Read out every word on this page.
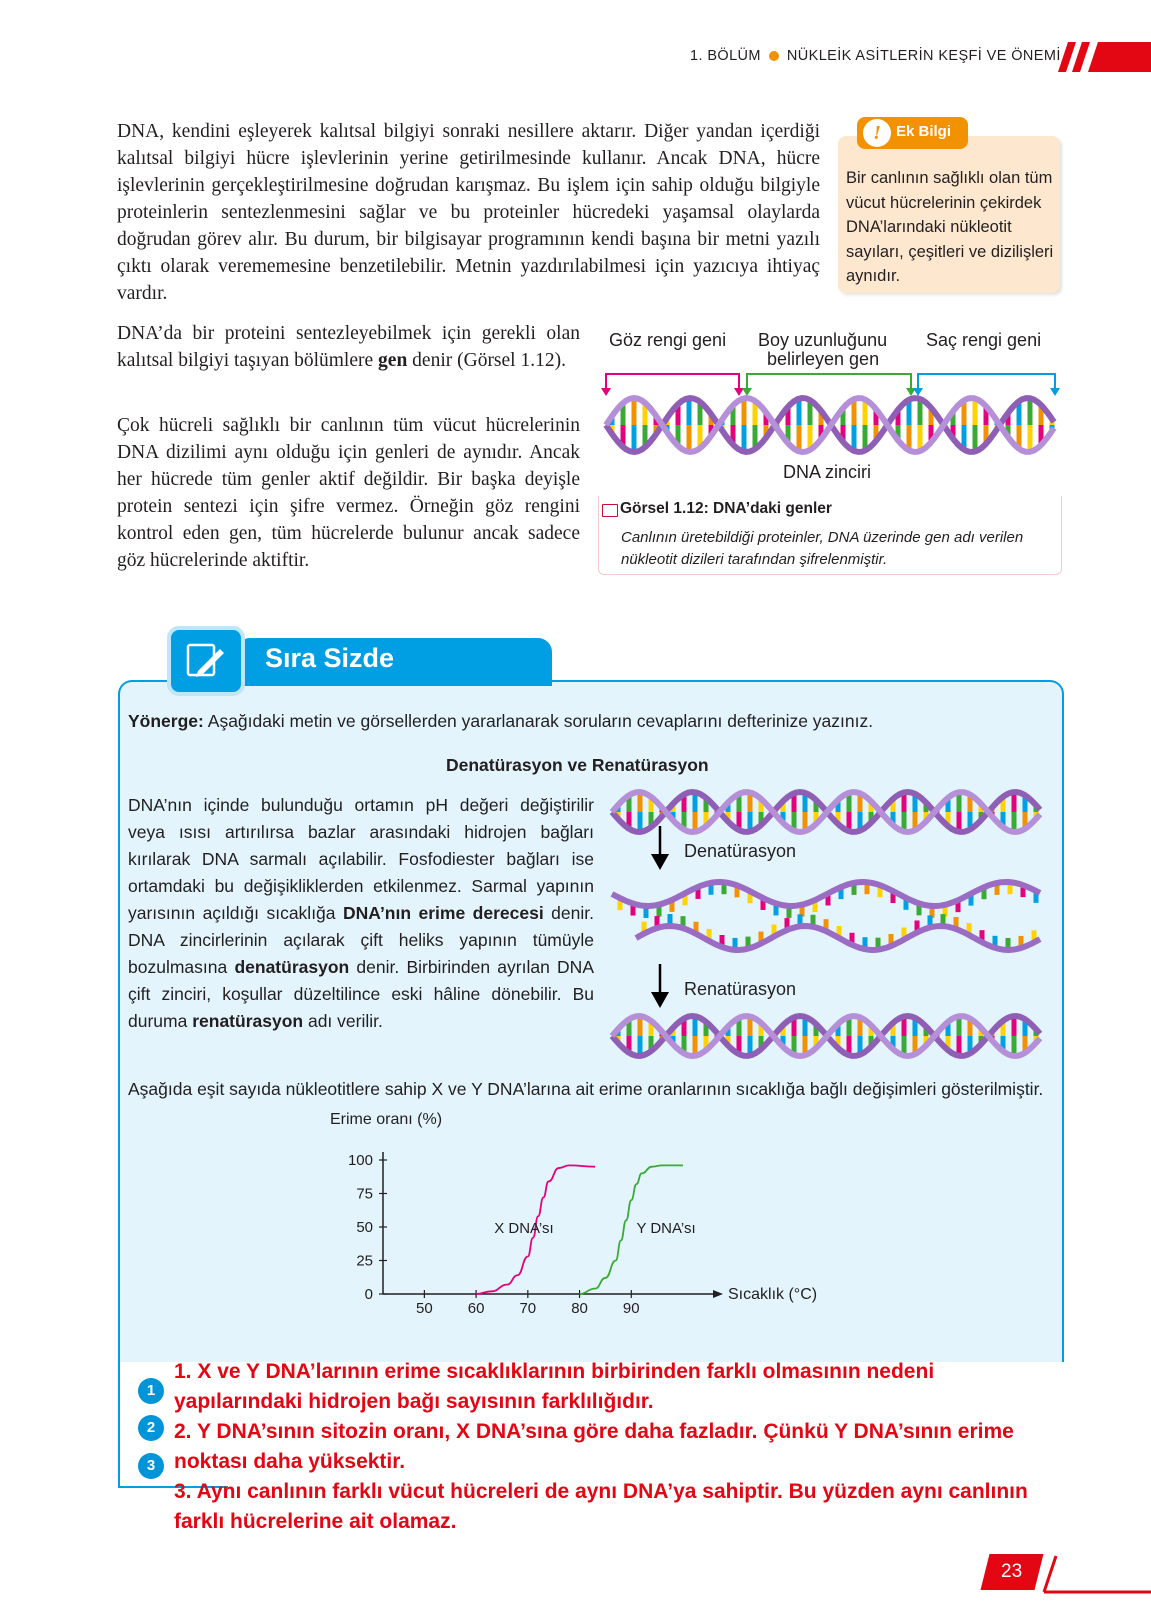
1. BÖLÜM NÜKLEİK ASİTLERİN KEŞFİ VE ÖNEMİ
DNA, kendini eşleyerek kalıtsal bilgiyi sonraki nesillere aktarır. Diğer yandan içerdiği kalıtsal bilgiyi hücre işlevlerinin yerine getirilmesinde kullanır. Ancak DNA, hücre işlevlerinin gerçekleştirilmesine doğrudan karışmaz. Bu işlem için sahip olduğu bilgiyle proteinlerin sentezlenmesini sağlar ve bu proteinler hücredeki yaşamsal olaylarda doğrudan görev alır. Bu durum, bir bilgisayar programının kendi başına bir metni yazılı çıktı olarak verememesine benzetilebilir. Metnin yazdırılabilmesi için yazıcıya ihtiyaç vardır.
! Ek Bilgi
Bir canlının sağlıklı olan tüm vücut hücrelerinin çekirdek DNA’larındaki nükleotit sayıları, çeşitleri ve dizilişleri aynıdır.
DNA’da bir proteini sentezleyebilmek için gerekli olan kalıtsal bilgiyi taşıyan bölümlere gen denir (Görsel 1.12).
Çok hücreli sağlıklı bir canlının tüm vücut hücrelerinin DNA dizilimi aynı olduğu için genleri de aynıdır. Ancak her hücrede tüm genler aktif değildir. Bir başka deyişle protein sentezi için şifre vermez. Örneğin göz rengini kontrol eden gen, tüm hücrelerde bulunur ancak sadece göz hücrelerinde aktiftir.
Göz rengi geni Boy uzunluğunu
belirleyen gen
Saç rengi geni
DNA zinciri
Görsel 1.12: DNA’daki genler
Canlının üretebildiği proteinler, DNA üzerinde gen adı verilen nükleotit dizileri tarafından şifrelenmiştir.
Sıra Sizde
Yönerge: Aşağıdaki metin ve görsellerden yararlanarak soruların cevaplarını defterinize yazınız.
Denatürasyon ve Renatürasyon
DNA’nın içinde bulunduğu ortamın pH değeri değiştirilir veya ısısı artırılırsa bazlar arasındaki hidrojen bağları kırılarak DNA sarmalı açılabilir. Fosfodiester bağları ise ortamdaki bu değişikliklerden etkilenmez. Sarmal yapının yarısının açıldığı sıcaklığa DNA’nın erime derecesi denir. DNA zincirlerinin açılarak çift heliks yapının tümüyle bozulmasına denatürasyon denir. Birbirinden ayrılan DNA çift zinciri, koşullar düzeltilince eski hâline dönebilir. Bu duruma renatürasyon adı verilir.
Denatürasyon
Renatürasyon
Aşağıda eşit sayıda nükleotitlere sahip X ve Y DNA’larına ait erime oranlarının sıcaklığa bağlı değişimleri gösterilmiştir.
Erime oranı (%)
0
25
50
75
100
50 60 70 80 90
Sıcaklık (°C)
X DNA’sı	Y DNA’sı
1
2
3
1. X ve Y DNA’larının erime sıcaklıklarının birbirinden farklı olmasının nedeni yapılarındaki hidrojen bağı sayısının farklılığıdır.
2. Y DNA’sının sitozin oranı, X DNA’sına göre daha fazladır. Çünkü Y DNA’sının erime noktası daha yüksektir.
3. Aynı canlının farklı vücut hücreleri de aynı DNA’ya sahiptir. Bu yüzden aynı canlının farklı hücrelerine ait olamaz.
23
